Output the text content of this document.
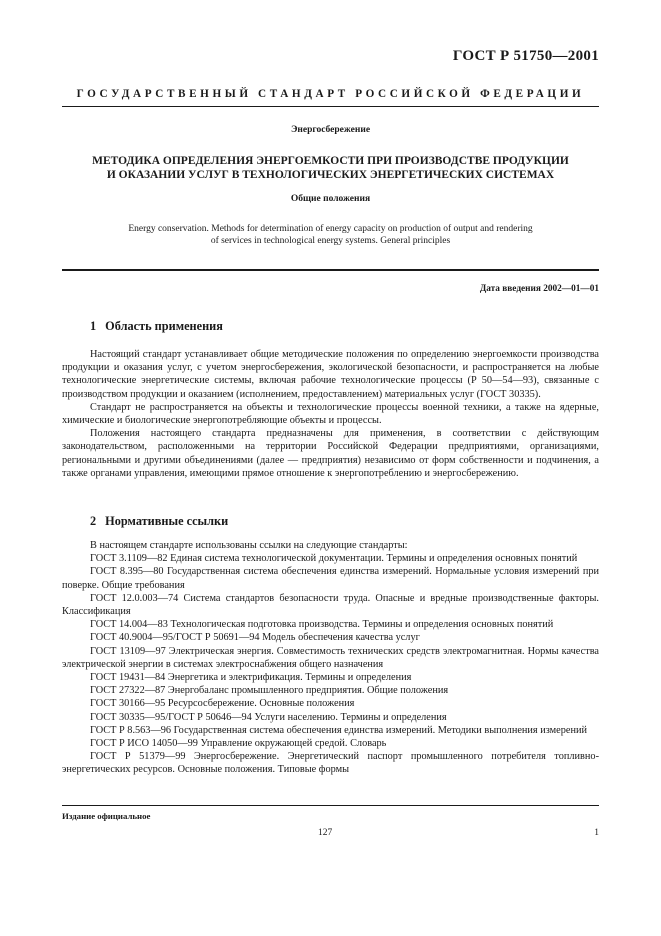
ГОСТ Р 51750—2001
ГОСУДАРСТВЕННЫЙ СТАНДАРТ РОССИЙСКОЙ ФЕДЕРАЦИИ
Энергосбережение
МЕТОДИКА ОПРЕДЕЛЕНИЯ ЭНЕРГОЕМКОСТИ ПРИ ПРОИЗВОДСТВЕ ПРОДУКЦИИ
И ОКАЗАНИИ УСЛУГ В ТЕХНОЛОГИЧЕСКИХ ЭНЕРГЕТИЧЕСКИХ СИСТЕМАХ
Общие положения
Energy conservation. Methods for determination of energy capacity on production of output and rendering
of services in technological energy systems. General principles
Дата введения 2002—01—01
1 Область применения

Настоящий стандарт устанавливает общие методические положения по определению энергоемкости производства продукции и оказания услуг, с учетом энергосбережения, экологической безопасности, и распространяется на любые технологические энергетические системы, включая рабочие технологические процессы (Р 50—54—93), связанные с производством продукции и оказанием (исполнением, предоставлением) материальных услуг (ГОСТ 30335).

Стандарт не распространяется на объекты и технологические процессы военной техники, а также на ядерные, химические и биологические энергопотребляющие объекты и процессы.

Положения настоящего стандарта предназначены для применения, в соответствии с действующим законодательством, расположенными на территории Российской Федерации предприятиями, организациями, региональными и другими объединениями (далее — предприятия) независимо от форм собственности и подчинения, а также органами управления, имеющими прямое отношение к энергопотреблению и энергосбережению.

2 Нормативные ссылки

В настоящем стандарте использованы ссылки на следующие стандарты:

ГОСТ 3.1109—82 Единая система технологической документации. Термины и определения основных понятий

ГОСТ 8.395—80 Государственная система обеспечения единства измерений. Нормальные условия измерений при поверке. Общие требования

ГОСТ 12.0.003—74 Система стандартов безопасности труда. Опасные и вредные производственные факторы. Классификация

ГОСТ 14.004—83 Технологическая подготовка производства. Термины и определения основных понятий

ГОСТ 40.9004—95/ГОСТ Р 50691—94 Модель обеспечения качества услуг

ГОСТ 13109—97 Электрическая энергия. Совместимость технических средств электромагнитная. Нормы качества электрической энергии в системах электроснабжения общего назначения

ГОСТ 19431—84 Энергетика и электрификация. Термины и определения

ГОСТ 27322—87 Энергобаланс промышленного предприятия. Общие положения

ГОСТ 30166—95 Ресурсосбережение. Основные положения

ГОСТ 30335—95/ГОСТ Р 50646—94 Услуги населению. Термины и определения

ГОСТ Р 8.563—96 Государственная система обеспечения единства измерений. Методики выполнения измерений

ГОСТ Р ИСО 14050—99 Управление окружающей средой. Словарь

ГОСТ Р 51379—99 Энергосбережение. Энергетический паспорт промышленного потребителя топливно-энергетических ресурсов. Основные положения. Типовые формы

Издание официальное
127	1
